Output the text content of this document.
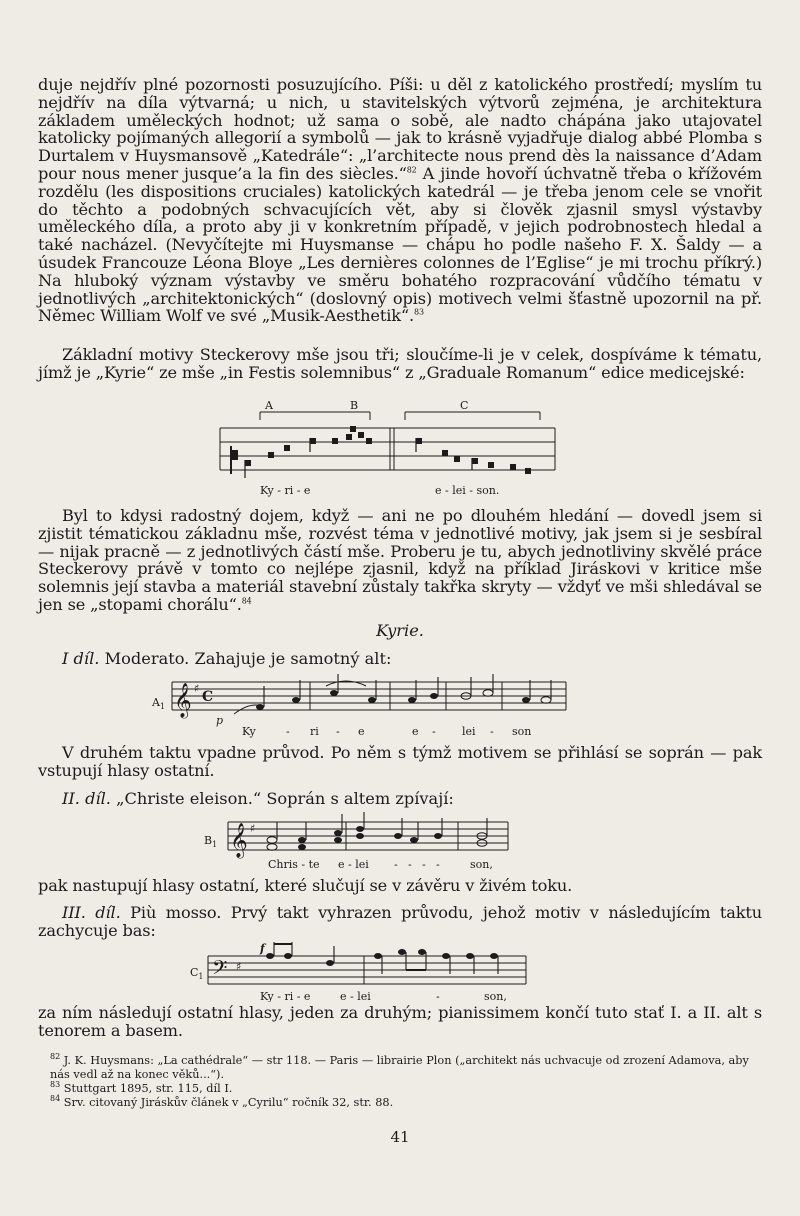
duje nejdřív plné pozornosti posuzujícího. Píši: u děl z katolického prostředí; myslím tu nejdřív na díla výtvarná; u nich, u stavitelských výtvorů zejména, je architektura základem uměleckých hodnot; už sama o sobě, ale nadto chápána jako utajovatel katolicky pojímaných allegorií a symbolů — jak to krásně vyjadřuje dialog abbé Plomba s Durtalem v Huysmansově „Katedrále“: „l’architecte nous prend dès la naissance d’Adam pour nous mener jusque’a la fin des siècles.“$^{82}$ A jinde hovoří úchvatně třeba o křížovém rozdělu (les dispositions cruciales) katolických katedrál — je třeba jenom cele se vnořit do těchto a podobných schvacujících vět, aby si člověk zjasnil smysl výstavby uměleckého díla, a proto aby ji v konkretním případě, v jejich podrobnostech hledal a také nacházel. (Nevyčítejte mi Huysmanse — chápu ho podle našeho F. X. Šaldy — a úsudek Francouze Léona Bloye „Les dernières colonnes de l’Eglise“ je mi trochu příkrý.) Na hluboký význam výstavby ve směru bohatého rozpracování vůdčího tématu v jednotlivých „architektonických“ (doslovný opis) motivech velmi šťastně upozornil na př. Němec William Wolf ve své „Musik-Aesthetik“.$^{83}$

Základní motivy Steckerovy mše jsou tři; sloučíme-li je v celek, dospíváme k tématu, jímž je „Kyrie“ ze mše „in Festis solemnibus“ z „Graduale Romanum“ edice medicejské:

A	B	C
Ky - ri - e	e - lei - son.

Byl to kdysi radostný dojem, když — ani ne po dlouhém hledání — dovedl jsem si zjistit tématickou základnu mše, rozvést téma v jednotlivé motivy, jak jsem si je sesbíral — nijak pracně — z jednotlivých částí mše. Proberu je tu, abych jednotliviny skvělé práce Steckerovy právě v tomto co nejlépe zjasnil, když na příklad Jiráskovi v kritice mše solemnis její stavba a materiál stavební zůstaly takřka skryty — vždyť ve mši shledával se jen se „stopami chorálu“.$^{84}$

Kyrie.
I díl. Moderato. Zahajuje je samotný alt:
$A_1$ 𝄞 ♯
C
p
Ky	- ri - e	e - lei - son

V druhém taktu vpadne průvod. Po něm s týmž motivem se přihlásí se soprán — pak vstupují hlasy ostatní.

II. díl. „Christe eleison.“ Soprán s altem zpívají:
$B_1$ 𝄞 ♯
Chris - te e - lei - - - -	son,

pak nastupují hlasy ostatní, které slučují se v závěru v živém toku.

III. díl. Più mosso. Prvý takt vyhrazen průvodu, jehož motiv v následujícím taktu zachycuje bas:

$C_1$
f
𝄢 ♯
Ky - ri - e	e - lei	-	son,

za ním následují ostatní hlasy, jeden za druhým; pianissimem končí tuto stať I. a II. alt s tenorem a basem.

$^{82}$ J. K. Huysmans: „La cathédrale“ — str 118. — Paris — librairie Plon („architekt nás uchvacuje od zrození Adamova, aby nás vedl až na konec věků...“).

$^{83}$ Stuttgart 1895, str. 115, díl I.

$^{84}$ Srv. citovaný Jiráskův článek v „Cyrilu“ ročník 32, str. 88.

41
